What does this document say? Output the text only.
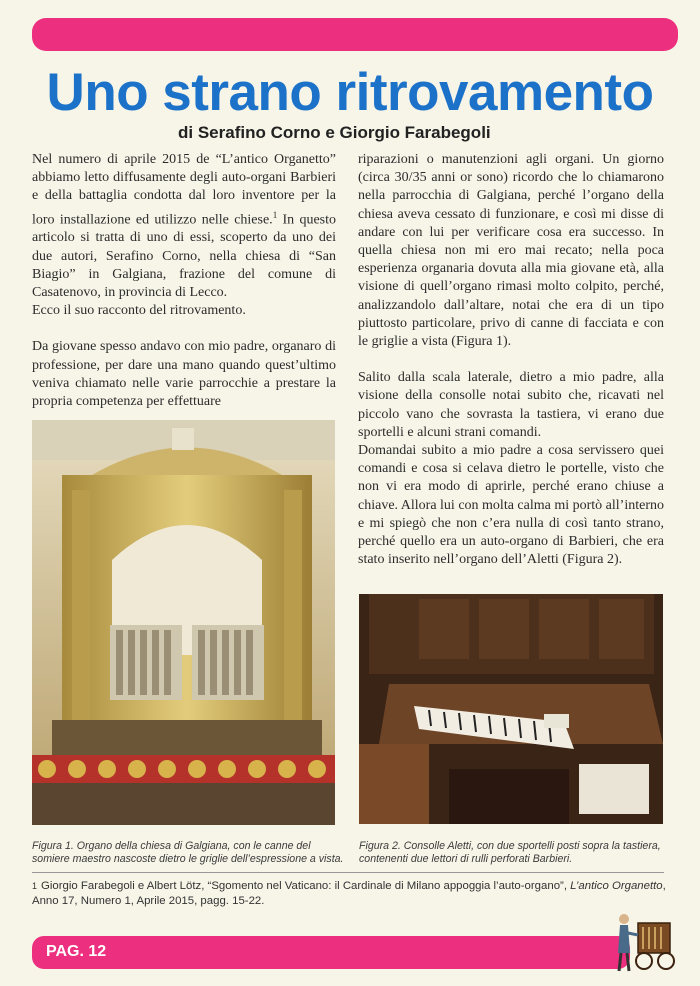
Uno strano ritrovamento
di Serafino Corno e Giorgio Farabegoli

Nel numero di aprile 2015 de “L’antico Organetto” abbiamo letto diffusamente degli auto-organi Barbieri e della battaglia condotta dal loro inventore per la loro installazione ed utilizzo nelle chiese.$^1$ In questo articolo si tratta di uno di essi, scoperto da uno dei due autori, Serafino Corno, nella chiesa di “San Biagio” in Galgiana, frazione del comune di Casatenovo, in provincia di Lecco.

Ecco il suo racconto del ritrovamento.

Da giovane spesso andavo con mio padre, organaro di professione, per dare una mano quando quest’ultimo veniva chiamato nelle varie parrocchie a prestare la propria competenza per effettuare

riparazioni o manutenzioni agli organi. Un giorno (circa 30/35 anni or sono) ricordo che lo chiamarono nella parrocchia di Galgiana, perché l’organo della chiesa aveva cessato di funzionare, e così mi disse di andare con lui per verificare cosa era successo. In quella chiesa non mi ero mai recato; nella poca esperienza organaria dovuta alla mia giovane età, alla visione di quell’organo rimasi molto colpito, perché, analizzandolo dall’altare, notai che era di un tipo piuttosto particolare, privo di canne di facciata e con le griglie a vista (Figura 1).

Salito dalla scala laterale, dietro a mio padre, alla visione della consolle notai subito che, ricavati nel piccolo vano che sovrasta la tastiera, vi erano due sportelli e alcuni strani comandi.

Domandai subito a mio padre a cosa servissero quei comandi e cosa si celava dietro le portelle, visto che non vi era modo di aprirle, perché erano chiuse a chiave. Allora lui con molta calma mi portò all’interno e mi spiegò che non c’era nulla di così tanto strano, perché quello era un auto-organo di Barbieri, che era stato inserito nell’organo dell’Aletti (Figura 2).

Figura 1. Organo della chiesa di Galgiana, con le canne del somiere maestro nascoste dietro le griglie dell’espressione a vista.
Figura 2. Consolle Aletti, con due sportelli posti sopra la tastiera, contenenti due lettori di rulli perforati Barbieri.
$^1$ Giorgio Farabegoli e Albert Lötz, “Sgomento nel Vaticano: il Cardinale di Milano appoggia l’auto-organo”, L’antico Organetto, Anno 17, Numero 1, Aprile 2015, pagg. 15-22.
PAG. 12
